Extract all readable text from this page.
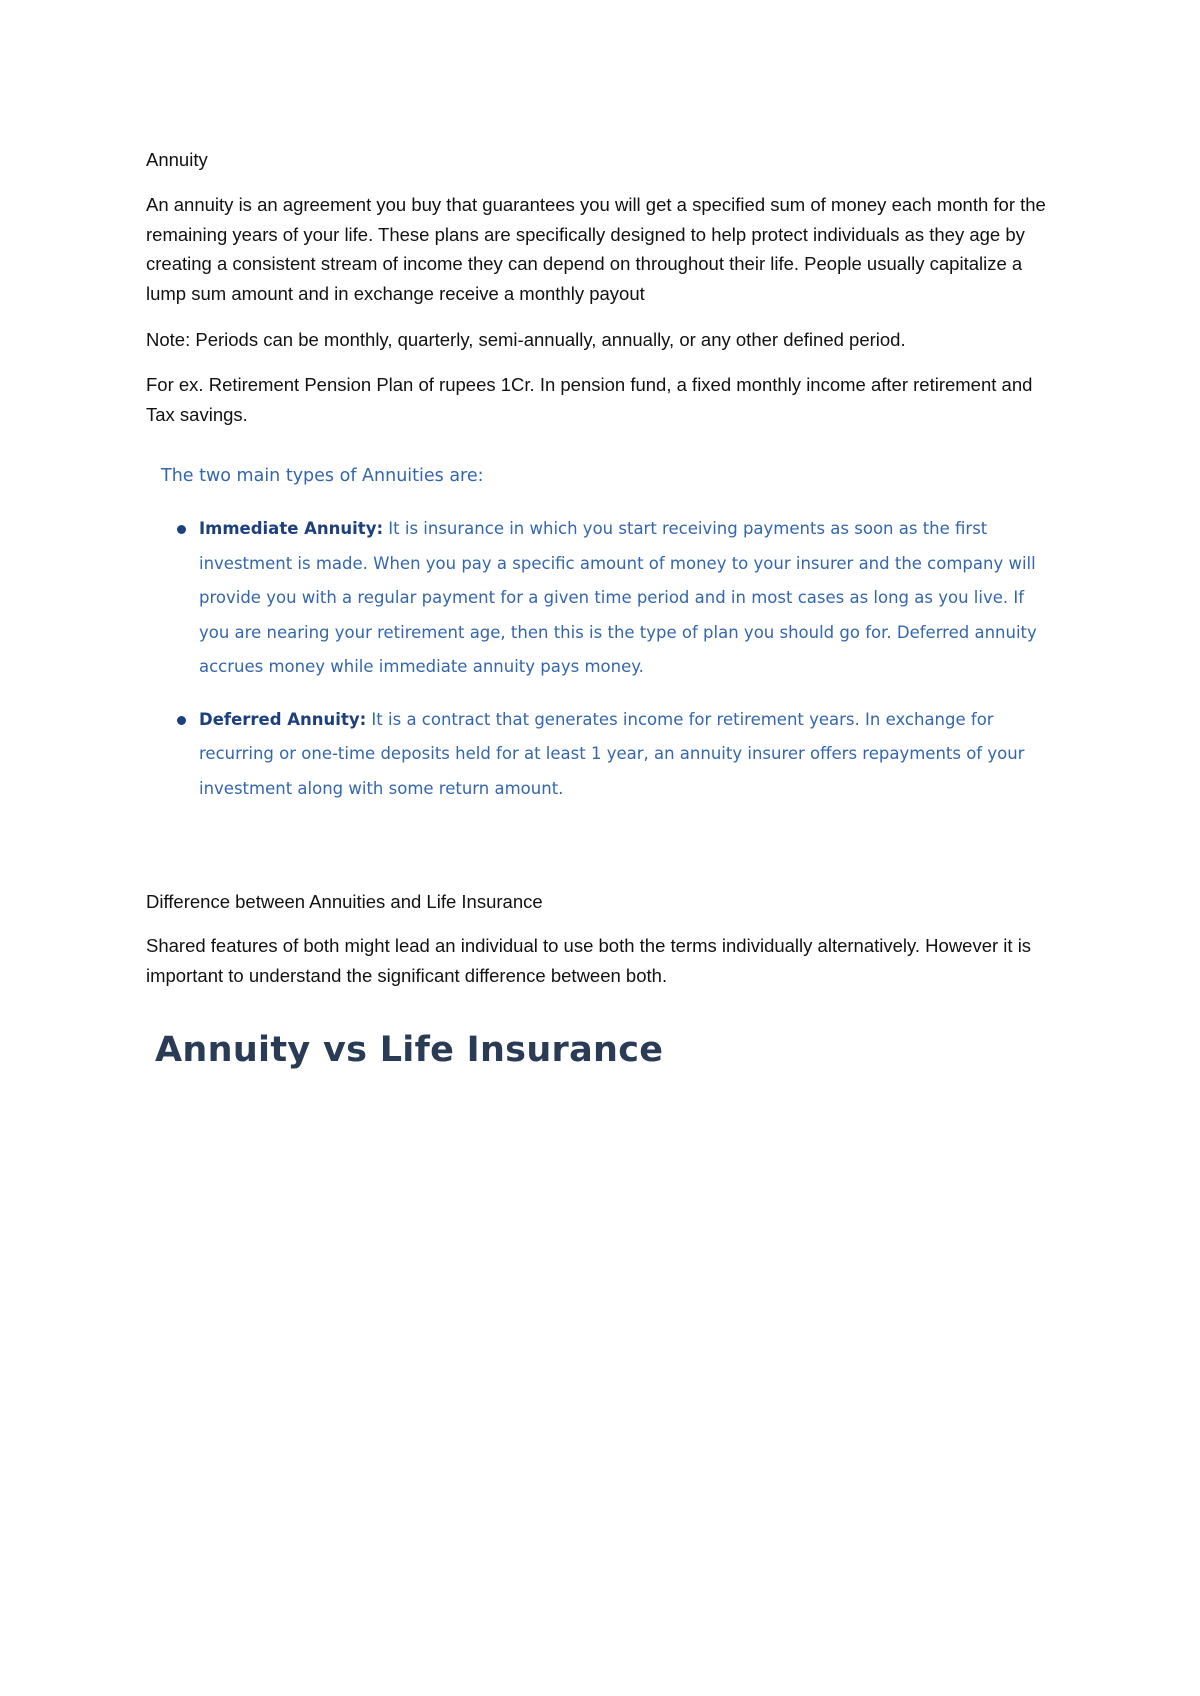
Annuity
An annuity is an agreement you buy that guarantees you will get a specified sum of money each month for the remaining years of your life. These plans are specifically designed to help protect individuals as they age by creating a consistent stream of income they can depend on throughout their life. People usually capitalize a lump sum amount and in exchange receive a monthly payout
Note: Periods can be monthly, quarterly, semi-annually, annually, or any other defined period.
For ex. Retirement Pension Plan of rupees 1Cr. In pension fund, a fixed monthly income after retirement and Tax savings.
The two main types of Annuities are:
Immediate Annuity: It is insurance in which you start receiving payments as soon as the first investment is made. When you pay a specific amount of money to your insurer and the company will provide you with a regular payment for a given time period and in most cases as long as you live. If you are nearing your retirement age, then this is the type of plan you should go for. Deferred annuity accrues money while immediate annuity pays money.
Deferred Annuity: It is a contract that generates income for retirement years. In exchange for recurring or one-time deposits held for at least 1 year, an annuity insurer offers repayments of your investment along with some return amount.
Difference between Annuities and Life Insurance
Shared features of both might lead an individual to use both the terms individually alternatively. However it is important to understand the significant difference between both.
Annuity vs Life Insurance
